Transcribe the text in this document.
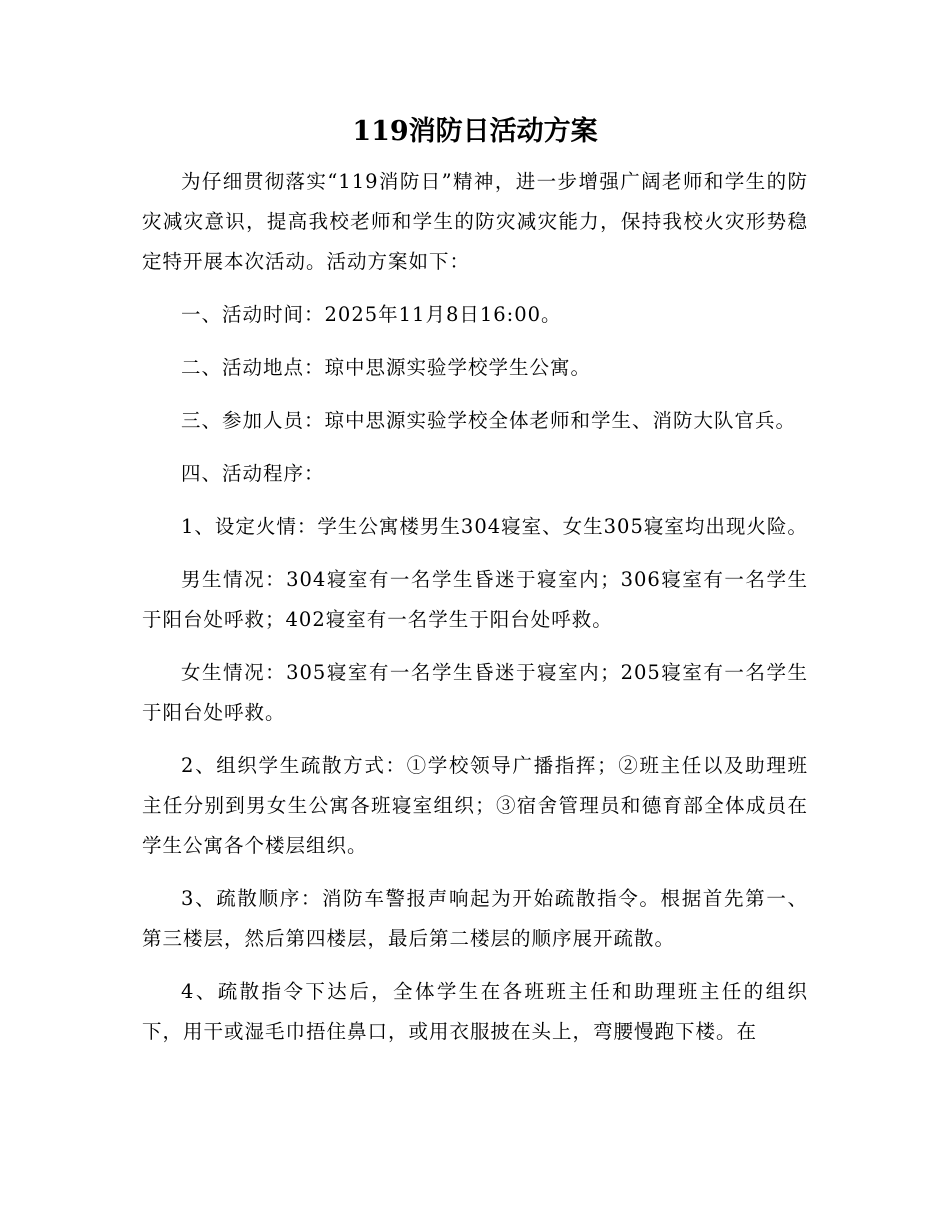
119消防日活动方案

为仔细贯彻落实“119消防日”精神，进一步增强广阔老师和学生的防灾减灾意识，提高我校老师和学生的防灾减灾能力，保持我校火灾形势稳定特开展本次活动。活动方案如下：

一、活动时间：2025年11月8日16:00。

二、活动地点：琼中思源实验学校学生公寓。

三、参加人员：琼中思源实验学校全体老师和学生、消防大队官兵。

四、活动程序：

1、设定火情：学生公寓楼男生304寝室、女生305寝室均出现火险。

男生情况：304寝室有一名学生昏迷于寝室内；306寝室有一名学生于阳台处呼救；402寝室有一名学生于阳台处呼救。

女生情况：305寝室有一名学生昏迷于寝室内；205寝室有一名学生于阳台处呼救。

2、组织学生疏散方式：①学校领导广播指挥；②班主任以及助理班主任分别到男女生公寓各班寝室组织；③宿舍管理员和德育部全体成员在学生公寓各个楼层组织。

3、疏散顺序：消防车警报声响起为开始疏散指令。根据首先第一、第三楼层，然后第四楼层，最后第二楼层的顺序展开疏散。

4、疏散指令下达后，全体学生在各班班主任和助理班主任的组织下，用干或湿毛巾捂住鼻口，或用衣服披在头上，弯腰慢跑下楼。在
